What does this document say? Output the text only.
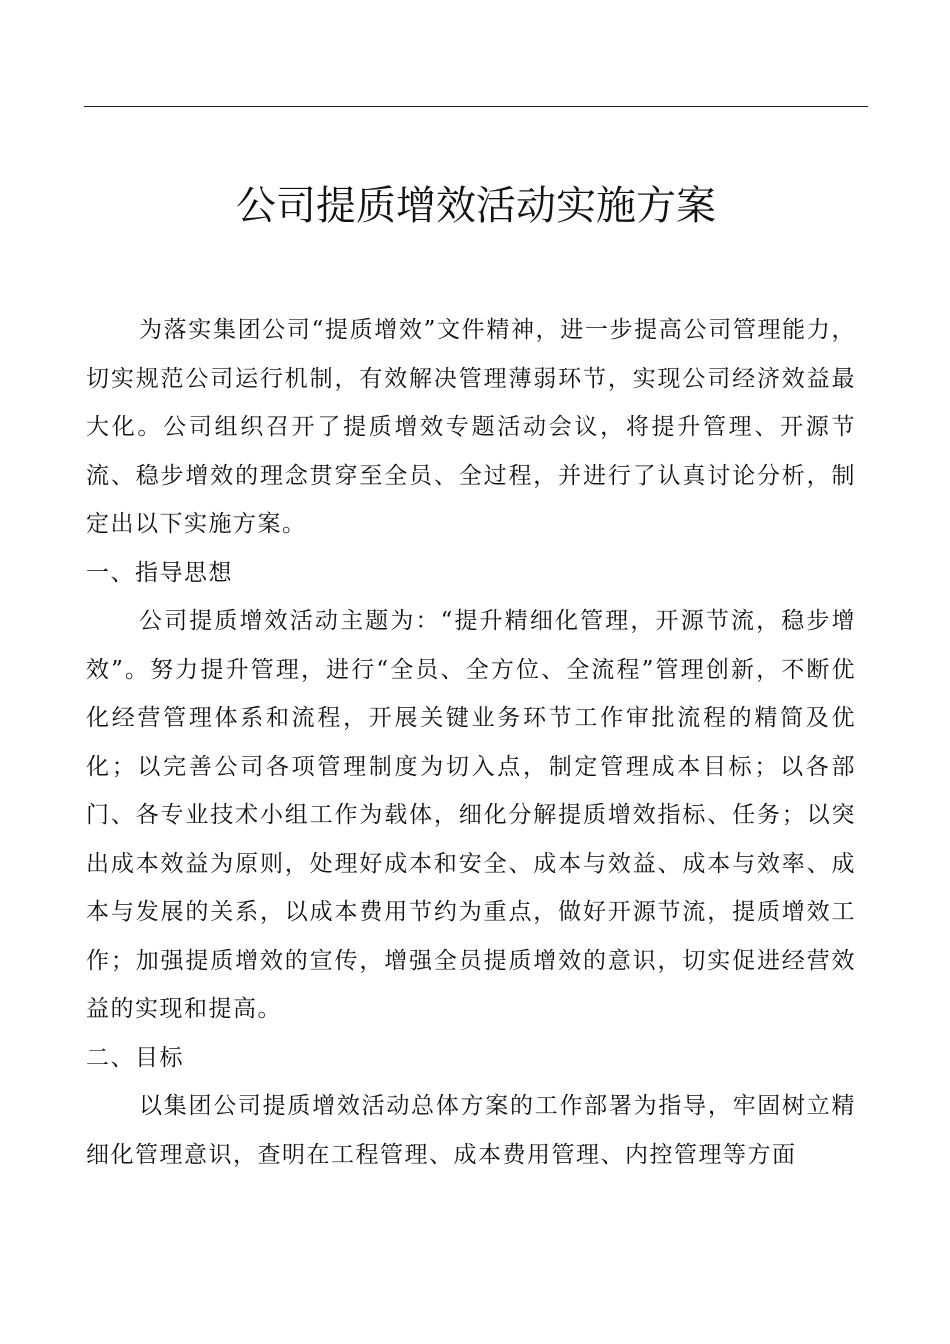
公司提质增效活动实施方案

为落实集团公司“提质增效”文件精神，进一步提高公司管理能力，切实规范公司运行机制，有效解决管理薄弱环节，实现公司经济效益最大化。公司组织召开了提质增效专题活动会议，将提升管理、开源节流、稳步增效的理念贯穿至全员、全过程，并进行了认真讨论分析，制定出以下实施方案。

一、指导思想

公司提质增效活动主题为：“提升精细化管理，开源节流，稳步增效”。努力提升管理，进行“全员、全方位、全流程”管理创新，不断优化经营管理体系和流程，开展关键业务环节工作审批流程的精简及优化；以完善公司各项管理制度为切入点，制定管理成本目标；以各部门、各专业技术小组工作为载体，细化分解提质增效指标、任务；以突出成本效益为原则，处理好成本和安全、成本与效益、成本与效率、成本与发展的关系，以成本费用节约为重点，做好开源节流，提质增效工作；加强提质增效的宣传，增强全员提质增效的意识，切实促进经营效益的实现和提高。

二、目标

以集团公司提质增效活动总体方案的工作部署为指导，牢固树立精细化管理意识，查明在工程管理、成本费用管理、内控管理等方面
